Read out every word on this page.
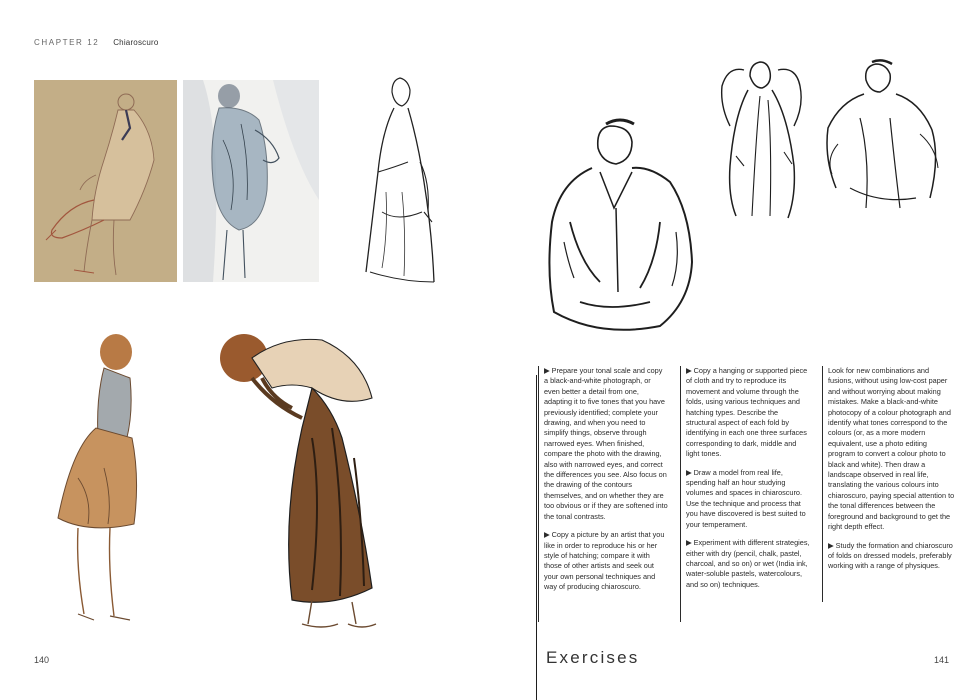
CHAPTER 12 Chiaroscuro

▶ Prepare your tonal scale and copy a black-and-white photograph, or even better a detail from one, adapting it to five tones that you have previously identified; complete your drawing, and when you need to simplify things, observe through narrowed eyes. When finished, compare the photo with the drawing, also with narrowed eyes, and correct the differences you see. Also focus on the drawing of the contours themselves, and on whether they are too obvious or if they are softened into the tonal contrasts.

▶ Copy a picture by an artist that you like in order to reproduce his or her style of hatching; compare it with those of other artists and seek out your own personal techniques and way of producing chiaroscuro.

▶ Copy a hanging or supported piece of cloth and try to reproduce its movement and volume through the folds, using various techniques and hatching types. Describe the structural aspect of each fold by identifying in each one three surfaces corresponding to dark, middle and light tones.

▶ Draw a model from real life, spending half an hour studying volumes and spaces in chiaroscuro. Use the technique and process that you have discovered is best suited to your temperament.

▶ Experiment with different strategies, either with dry (pencil, chalk, pastel, charcoal, and so on) or wet (India ink, water-soluble pastels, watercolours, and so on) techniques.

Look for new combinations and fusions, without using low-cost paper and without worrying about making mistakes. Make a black-and-white photocopy of a colour photograph and identify what tones correspond to the colours (or, as a more modern equivalent, use a photo editing program to convert a colour photo to black and white). Then draw a landscape observed in real life, translating the various colours into chiaroscuro, paying special attention to the tonal differences between the foreground and background to get the right depth effect.

▶ Study the formation and chiaroscuro of folds on dressed models, preferably working with a range of physiques.

Exercises
140	141
